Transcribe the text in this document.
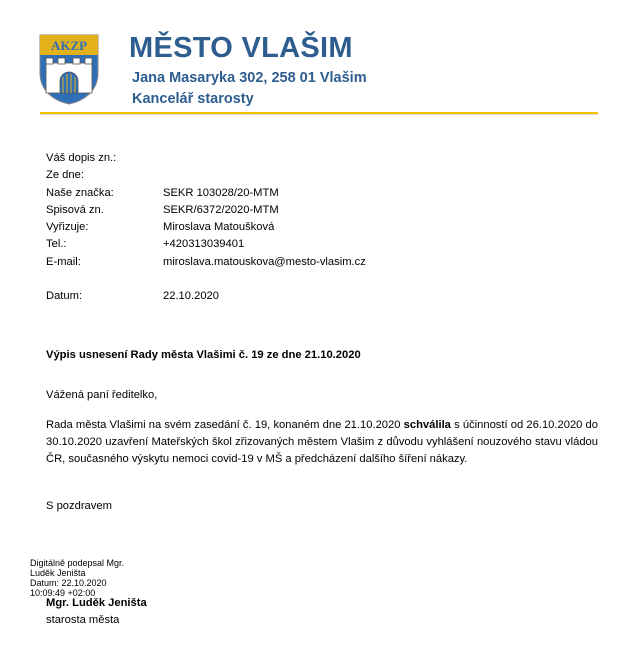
AKZP MĚSTO VLAŠIM
Jana Masaryka 302, 258 01 Vlašim
Kancelář starosty
Váš dopis zn.:
Ze dne:
Naše značka:	SEKR 103028/20-MTM
Spisová zn.	SEKR/6372/2020-MTM
Vyřizuje:	Miroslava Matoušková
Tel.:	+420313039401
E-mail:	miroslava.matouskova@mesto-vlasim.cz
Datum:	22.10.2020
Výpis usnesení Rady města Vlašimi č. 19 ze dne 21.10.2020
Vážená paní ředitelko,
Rada města Vlašimi na svém zasedání č. 19, konaném dne 21.10.2020 schválila s účinností od 26.10.2020 do 30.10.2020 uzavření Mateřských škol zřizovaných městem Vlašim z důvodu vyhlášení nouzového stavu vládou ČR, současného výskytu nemoci covid-19 v MŠ a předcházení dalšího šíření nákazy.
S pozdravem
Digitálně podepsal Mgr.
Luděk Jeništa
Datum: 22.10.2020
10:09:49 +02:00
Mgr. Luděk Jeništa
starosta města
